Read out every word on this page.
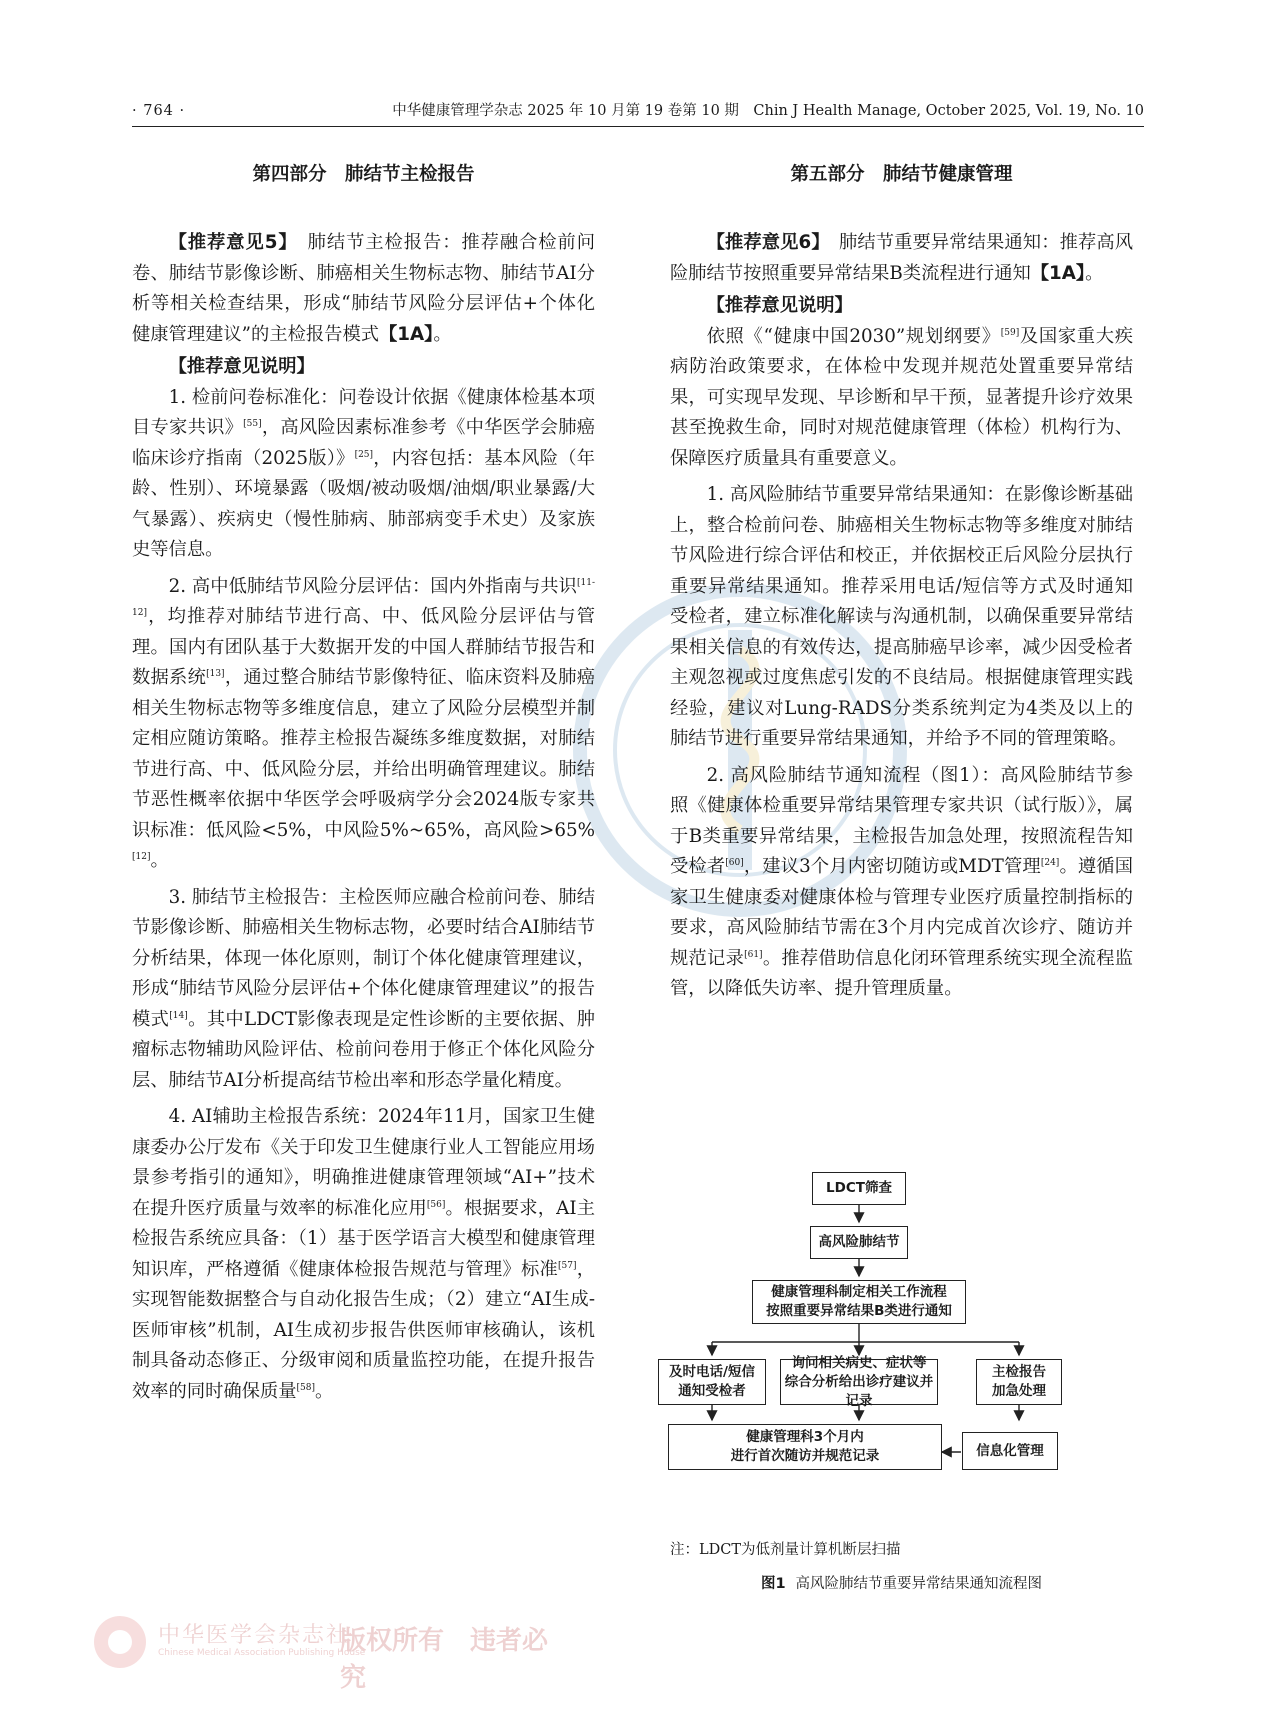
· 764 ·	中华健康管理学杂志 2025 年 10 月第 19 卷第 10 期　Chin J Health Manage, October 2025, Vol. 19, No. 10
第四部分　肺结节主检报告

【推荐意见5】　 肺结节主检报告：推荐融合检前问卷、肺结节影像诊断、肺癌相关生物标志物、肺结节AI分析等相关检查结果，形成“肺结节风险分层评估+个体化健康管理建议”的主检报告模式【1A】。

【推荐意见说明】

1. 检前问卷标准化：问卷设计依据《健康体检基本项目专家共识》[55]，高风险因素标准参考《中华医学会肺癌临床诊疗指南（2025版）》[25]，内容包括：基本风险（年龄、性别）、环境暴露（吸烟/被动吸烟/油烟/职业暴露/大气暴露）、疾病史（慢性肺病、肺部病变手术史）及家族史等信息。

2. 高中低肺结节风险分层评估：国内外指南与共识[11-12]，均推荐对肺结节进行高、中、低风险分层评估与管理。国内有团队基于大数据开发的中国人群肺结节报告和数据系统[13]，通过整合肺结节影像特征、临床资料及肺癌相关生物标志物等多维度信息，建立了风险分层模型并制定相应随访策略。推荐主检报告凝练多维度数据，对肺结节进行高、中、低风险分层，并给出明确管理建议。肺结节恶性概率依据中华医学会呼吸病学分会2024版专家共识标准：低风险<5%，中风险5%~65%，高风险>65%[12]。

3. 肺结节主检报告：主检医师应融合检前问卷、肺结节影像诊断、肺癌相关生物标志物，必要时结合AI肺结节分析结果，体现一体化原则，制订个体化健康管理建议，形成“肺结节风险分层评估+个体化健康管理建议”的报告模式[14]。其中LDCT影像表现是定性诊断的主要依据、肿瘤标志物辅助风险评估、检前问卷用于修正个体化风险分层、肺结节AI分析提高结节检出率和形态学量化精度。

4. AI辅助主检报告系统：2024年11月，国家卫生健康委办公厅发布《关于印发卫生健康行业人工智能应用场景参考指引的通知》，明确推进健康管理领域“AI+”技术在提升医疗质量与效率的标准化应用[56]。根据要求，AI主检报告系统应具备：（1）基于医学语言大模型和健康管理知识库，严格遵循《健康体检报告规范与管理》标准[57]，实现智能数据整合与自动化报告生成；（2）建立“AI生成-医师审核”机制，AI生成初步报告供医师审核确认，该机制具备动态修正、分级审阅和质量监控功能，在提升报告效率的同时确保质量[58]。

第五部分　肺结节健康管理

【推荐意见6】　 肺结节重要异常结果通知：推荐高风险肺结节按照重要异常结果B类流程进行通知【1A】。

【推荐意见说明】

依照《“健康中国2030”规划纲要》[59]及国家重大疾病防治政策要求，在体检中发现并规范处置重要异常结果，可实现早发现、早诊断和早干预，显著提升诊疗效果甚至挽救生命，同时对规范健康管理（体检）机构行为、保障医疗质量具有重要意义。

1. 高风险肺结节重要异常结果通知：在影像诊断基础上，整合检前问卷、肺癌相关生物标志物等多维度对肺结节风险进行综合评估和校正，并依据校正后风险分层执行重要异常结果通知。推荐采用电话/短信等方式及时通知受检者，建立标准化解读与沟通机制，以确保重要异常结果相关信息的有效传达，提高肺癌早诊率，减少因受检者主观忽视或过度焦虑引发的不良结局。根据健康管理实践经验，建议对Lung-RADS分类系统判定为4类及以上的肺结节进行重要异常结果通知，并给予不同的管理策略。

2. 高风险肺结节通知流程（图1）：高风险肺结节参照《健康体检重要异常结果管理专家共识（试行版）》，属于B类重要异常结果，主检报告加急处理，按照流程告知受检者[60]，建议3个月内密切随访或MDT管理[24]。遵循国家卫生健康委对健康体检与管理专业医疗质量控制指标的要求，高风险肺结节需在3个月内完成首次诊疗、随访并规范记录[61]。推荐借助信息化闭环管理系统实现全流程监管，以降低失访率、提升管理质量。

LDCT筛查
高风险肺结节
健康管理科制定相关工作流程
按照重要异常结果B类进行通知
及时电话/短信
通知受检者
询问相关病史、症状等
综合分析给出诊疗建议并记录
主检报告
加急处理
健康管理科3个月内
进行首次随访并规范记录	信息化管理
注：LDCT为低剂量计算机断层扫描
图1 高风险肺结节重要异常结果通知流程图
中华医学会杂志社
Chinese Medical Association Publishing House
版权所有　违者必究
